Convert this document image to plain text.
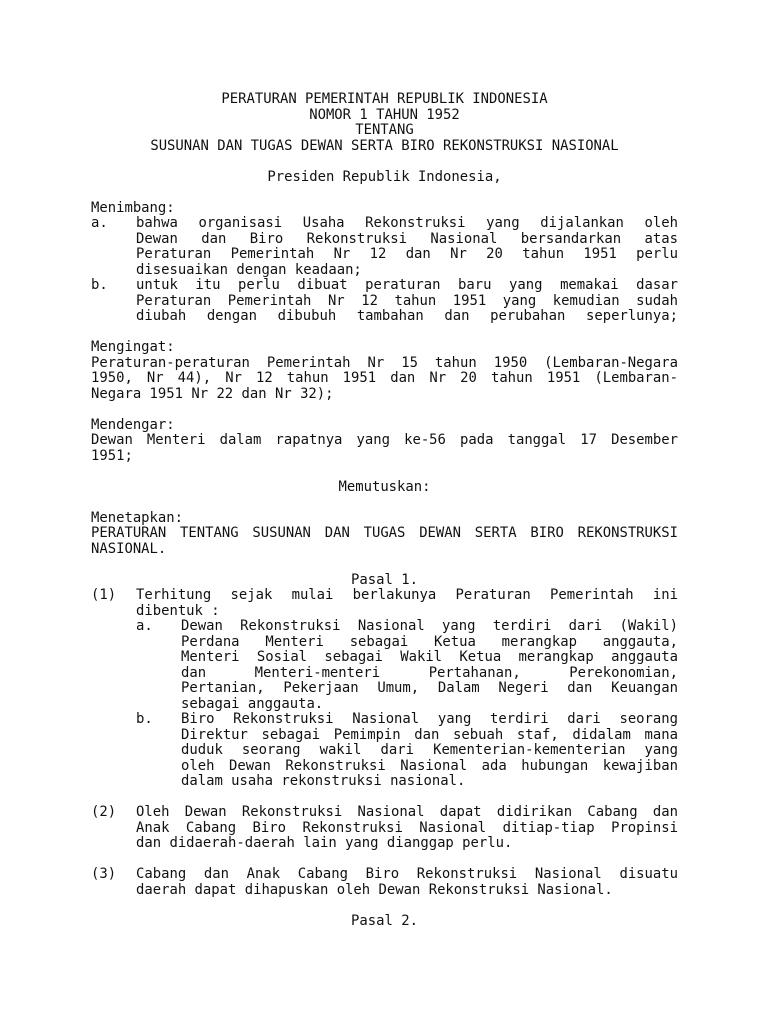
PERATURAN PEMERINTAH REPUBLIK INDONESIA
NOMOR 1 TAHUN 1952
TENTANG
SUSUNAN DAN TUGAS DEWAN SERTA BIRO REKONSTRUKSI NASIONAL
Presiden Republik Indonesia,
Menimbang:
a. bahwa organisasi Usaha Rekonstruksi yang dijalankan oleh
Dewan dan Biro Rekonstruksi Nasional bersandarkan atas
Peraturan Pemerintah Nr 12 dan Nr 20 tahun 1951 perlu
disesuaikan dengan keadaan;
b. untuk itu perlu dibuat peraturan baru yang memakai dasar
Peraturan Pemerintah Nr 12 tahun 1951 yang kemudian sudah
diubah dengan dibubuh tambahan dan perubahan seperlunya;
Mengingat:
Peraturan-peraturan Pemerintah Nr 15 tahun 1950 (Lembaran-Negara
1950, Nr 44), Nr 12 tahun 1951 dan Nr 20 tahun 1951 (Lembaran-
Negara 1951 Nr 22 dan Nr 32);
Mendengar:
Dewan Menteri dalam rapatnya yang ke-56 pada tanggal 17 Desember
1951;
Memutuskan:
Menetapkan:
PERATURAN TENTANG SUSUNAN DAN TUGAS DEWAN SERTA BIRO REKONSTRUKSI
NASIONAL.
Pasal 1.
(1) Terhitung sejak mulai berlakunya Peraturan Pemerintah ini
dibentuk :
a. Dewan Rekonstruksi Nasional yang terdiri dari (Wakil)
Perdana Menteri sebagai Ketua merangkap anggauta,
Menteri Sosial sebagai Wakil Ketua merangkap anggauta
dan Menteri-menteri Pertahanan, Perekonomian,
Pertanian, Pekerjaan Umum, Dalam Negeri dan Keuangan
sebagai anggauta.
b. Biro Rekonstruksi Nasional yang terdiri dari seorang
Direktur sebagai Pemimpin dan sebuah staf, didalam mana
duduk seorang wakil dari Kementerian-kementerian yang
oleh Dewan Rekonstruksi Nasional ada hubungan kewajiban
dalam usaha rekonstruksi nasional.
(2) Oleh Dewan Rekonstruksi Nasional dapat didirikan Cabang dan
Anak Cabang Biro Rekonstruksi Nasional ditiap-tiap Propinsi
dan didaerah-daerah lain yang dianggap perlu.
(3) Cabang dan Anak Cabang Biro Rekonstruksi Nasional disuatu
daerah dapat dihapuskan oleh Dewan Rekonstruksi Nasional.
Pasal 2.
